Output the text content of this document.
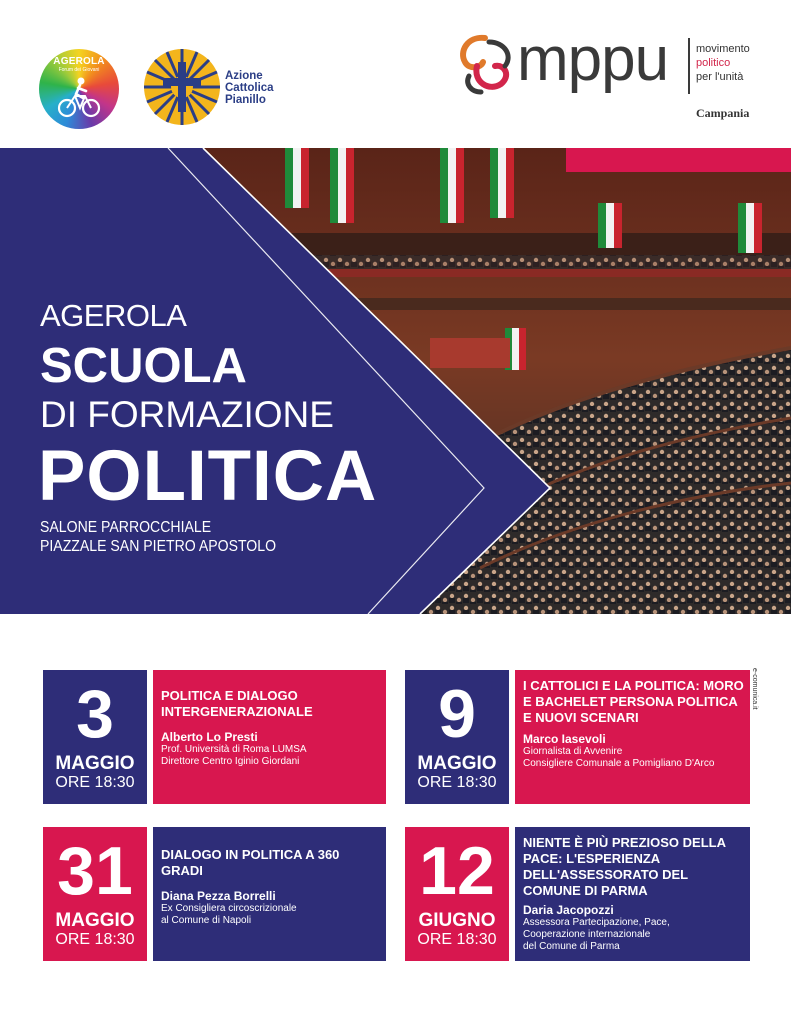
AGEROLA
Forum dei Giovani	Azione
Cattolica
Pianillo
mppu	movimento
politico
per l'unità
Campania
AGEROLA
SCUOLA
DI FORMAZIONE
POLITICA
SALONE PARROCCHIALE
PIAZZALE SAN PIETRO APOSTOLO
e-comunica.it
3
MAGGIO
ORE 18:30
POLITICA E DIALOGO INTERGENERAZIONALE
Alberto Lo Presti
Prof. Università di Roma LUMSA
Direttore Centro Iginio Giordani
9
MAGGIO
ORE 18:30
I CATTOLICI E LA POLITICA: MORO E BACHELET PERSONA POLITICA E NUOVI SCENARI
Marco Iasevoli
Giornalista di Avvenire
Consigliere Comunale a Pomigliano D'Arco
31
MAGGIO
ORE 18:30
DIALOGO IN POLITICA A 360 GRADI
Diana Pezza Borrelli
Ex Consigliera circoscrizionale
al Comune di Napoli
12
GIUGNO
ORE 18:30
NIENTE È PIÙ PREZIOSO DELLA PACE: L'ESPERIENZA DELL'ASSESSORATO DEL COMUNE DI PARMA
Daria Jacopozzi
Assessora Partecipazione, Pace,
Cooperazione internazionale
del Comune di Parma
